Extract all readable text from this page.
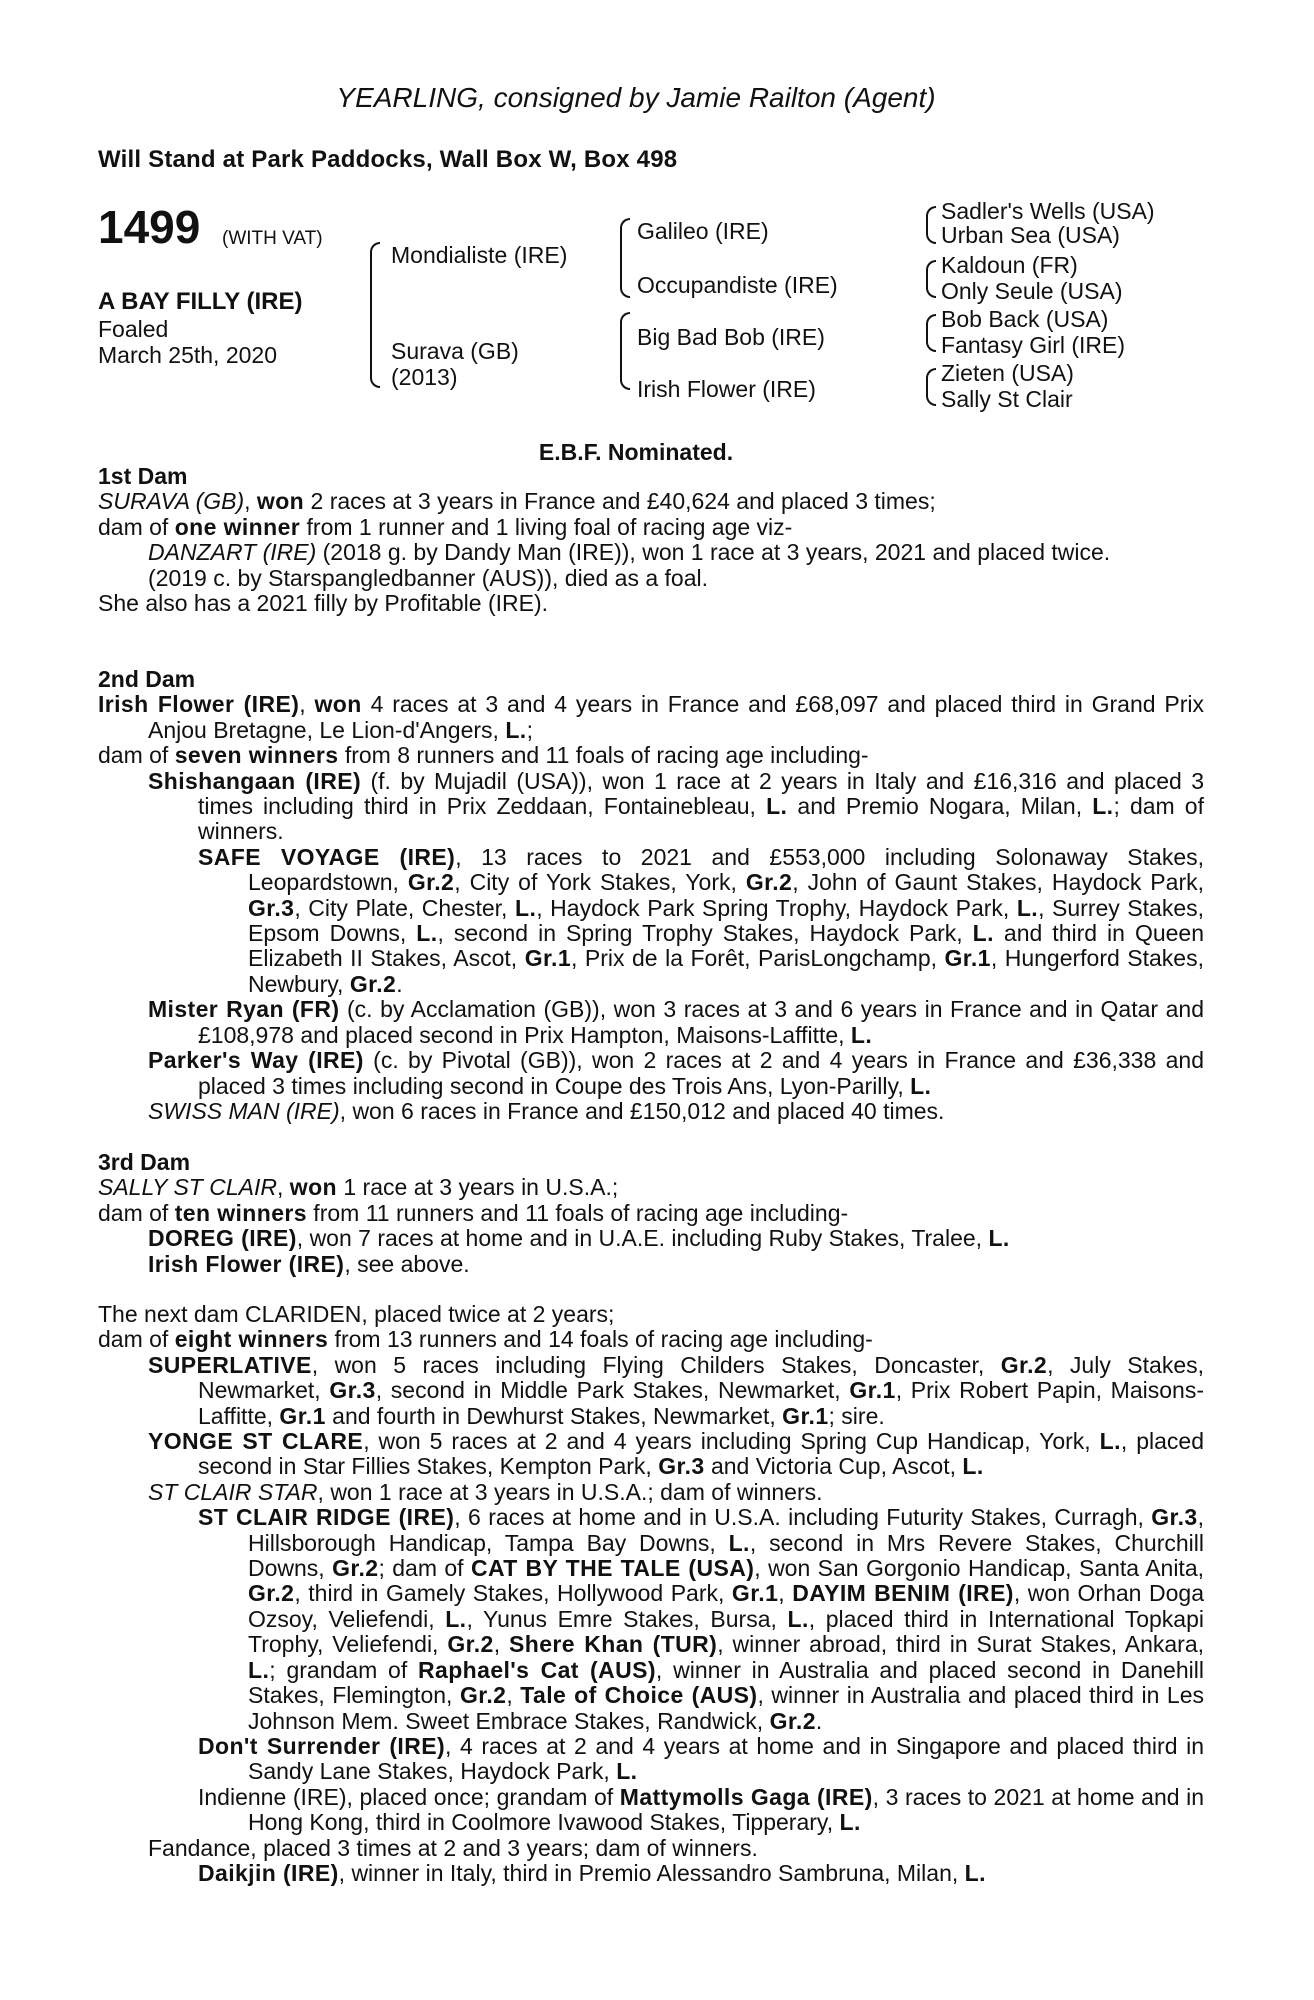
YEARLING, consigned by Jamie Railton (Agent)
Will Stand at Park Paddocks, Wall Box W, Box 498
1499 (WITH VAT)
A BAY FILLY (IRE)
Foaled
March 25th, 2020
Mondialiste (IRE)
Surava (GB)
(2013)
Galileo (IRE)
Occupandiste (IRE)
Big Bad Bob (IRE)
Irish Flower (IRE)
Sadler's Wells (USA)
Urban Sea (USA)
Kaldoun (FR)
Only Seule (USA)
Bob Back (USA)
Fantasy Girl (IRE)
Zieten (USA)
Sally St Clair

E.B.F. Nominated.

1st Dam

SURAVA (GB), won 2 races at 3 years in France and £40,624 and placed 3 times;

dam of one winner from 1 runner and 1 living foal of racing age viz-

DANZART (IRE) (2018 g. by Dandy Man (IRE)), won 1 race at 3 years, 2021 and placed twice.

(2019 c. by Starspangledbanner (AUS)), died as a foal.

She also has a 2021 filly by Profitable (IRE).

2nd Dam

Irish Flower (IRE), won 4 races at 3 and 4 years in France and £68,097 and placed third in Grand Prix Anjou Bretagne, Le Lion-d'Angers, L.;

dam of seven winners from 8 runners and 11 foals of racing age including-

Shishangaan (IRE) (f. by Mujadil (USA)), won 1 race at 2 years in Italy and £16,316 and placed 3 times including third in Prix Zeddaan, Fontainebleau, L. and Premio Nogara, Milan, L.; dam of winners.

SAFE VOYAGE (IRE), 13 races to 2021 and £553,000 including Solonaway Stakes, Leopardstown, Gr.2, City of York Stakes, York, Gr.2, John of Gaunt Stakes, Haydock Park, Gr.3, City Plate, Chester, L., Haydock Park Spring Trophy, Haydock Park, L., Surrey Stakes, Epsom Downs, L., second in Spring Trophy Stakes, Haydock Park, L. and third in Queen Elizabeth II Stakes, Ascot, Gr.1, Prix de la Forêt, ParisLongchamp, Gr.1, Hungerford Stakes, Newbury, Gr.2.

Mister Ryan (FR) (c. by Acclamation (GB)), won 3 races at 3 and 6 years in France and in Qatar and £108,978 and placed second in Prix Hampton, Maisons-Laffitte, L.

Parker's Way (IRE) (c. by Pivotal (GB)), won 2 races at 2 and 4 years in France and £36,338 and placed 3 times including second in Coupe des Trois Ans, Lyon-Parilly, L.

SWISS MAN (IRE), won 6 races in France and £150,012 and placed 40 times.

3rd Dam

SALLY ST CLAIR, won 1 race at 3 years in U.S.A.;

dam of ten winners from 11 runners and 11 foals of racing age including-

DOREG (IRE), won 7 races at home and in U.A.E. including Ruby Stakes, Tralee, L.

Irish Flower (IRE), see above.

The next dam CLARIDEN, placed twice at 2 years;

dam of eight winners from 13 runners and 14 foals of racing age including-

SUPERLATIVE, won 5 races including Flying Childers Stakes, Doncaster, Gr.2, July Stakes, Newmarket, Gr.3, second in Middle Park Stakes, Newmarket, Gr.1, Prix Robert Papin, Maisons-Laffitte, Gr.1 and fourth in Dewhurst Stakes, Newmarket, Gr.1; sire.

YONGE ST CLARE, won 5 races at 2 and 4 years including Spring Cup Handicap, York, L., placed second in Star Fillies Stakes, Kempton Park, Gr.3 and Victoria Cup, Ascot, L.

ST CLAIR STAR, won 1 race at 3 years in U.S.A.; dam of winners.

ST CLAIR RIDGE (IRE), 6 races at home and in U.S.A. including Futurity Stakes, Curragh, Gr.3, Hillsborough Handicap, Tampa Bay Downs, L., second in Mrs Revere Stakes, Churchill Downs, Gr.2; dam of CAT BY THE TALE (USA), won San Gorgonio Handicap, Santa Anita, Gr.2, third in Gamely Stakes, Hollywood Park, Gr.1, DAYIM BENIM (IRE), won Orhan Doga Ozsoy, Veliefendi, L., Yunus Emre Stakes, Bursa, L., placed third in International Topkapi Trophy, Veliefendi, Gr.2, Shere Khan (TUR), winner abroad, third in Surat Stakes, Ankara, L.; grandam of Raphael's Cat (AUS), winner in Australia and placed second in Danehill Stakes, Flemington, Gr.2, Tale of Choice (AUS), winner in Australia and placed third in Les Johnson Mem. Sweet Embrace Stakes, Randwick, Gr.2.

Don't Surrender (IRE), 4 races at 2 and 4 years at home and in Singapore and placed third in Sandy Lane Stakes, Haydock Park, L.

Indienne (IRE), placed once; grandam of Mattymolls Gaga (IRE), 3 races to 2021 at home and in Hong Kong, third in Coolmore Ivawood Stakes, Tipperary, L.

Fandance, placed 3 times at 2 and 3 years; dam of winners.

Daikjin (IRE), winner in Italy, third in Premio Alessandro Sambruna, Milan, L.
